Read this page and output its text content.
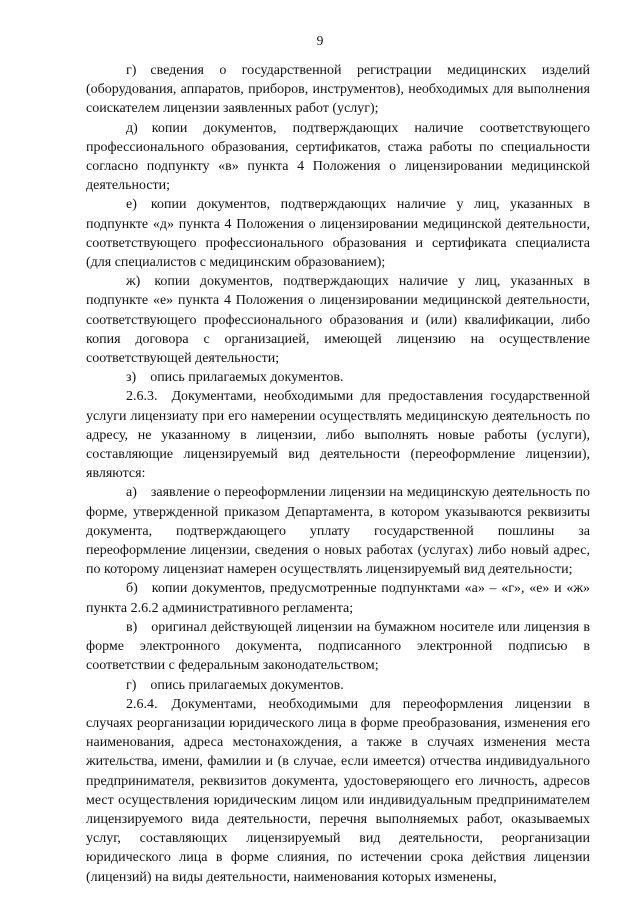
9

г) сведения о государственной регистрации медицинских изделий (оборудования, аппаратов, приборов, инструментов), необходимых для выполнения соискателем лицензии заявленных работ (услуг);

д) копии документов, подтверждающих наличие соответствующего профессионального образования, сертификатов, стажа работы по специальности согласно подпункту «в» пункта 4 Положения о лицензировании медицинской деятельности;

е) копии документов, подтверждающих наличие у лиц, указанных в подпункте «д» пункта 4 Положения о лицензировании медицинской деятельности, соответствующего профессионального образования и сертификата специалиста (для специалистов с медицинским образованием);

ж) копии документов, подтверждающих наличие у лиц, указанных в подпункте «е» пункта 4 Положения о лицензировании медицинской деятельности, соответствующего профессионального образования и (или) квалификации, либо копия договора с организацией, имеющей лицензию на осуществление соответствующей деятельности;

з) опись прилагаемых документов.

2.6.3. Документами, необходимыми для предоставления государственной услуги лицензиату при его намерении осуществлять медицинскую деятельность по адресу, не указанному в лицензии, либо выполнять новые работы (услуги), составляющие лицензируемый вид деятельности (переоформление лицензии), являются:

а) заявление о переоформлении лицензии на медицинскую деятельность по форме, утвержденной приказом Департамента, в котором указываются реквизиты документа, подтверждающего уплату государственной пошлины за переоформление лицензии, сведения о новых работах (услугах) либо новый адрес, по которому лицензиат намерен осуществлять лицензируемый вид деятельности;

б) копии документов, предусмотренные подпунктами «а» – «г», «е» и «ж» пункта 2.6.2 административного регламента;

в) оригинал действующей лицензии на бумажном носителе или лицензия в форме электронного документа, подписанного электронной подписью в соответствии с федеральным законодательством;

г) опись прилагаемых документов.

2.6.4. Документами, необходимыми для переоформления лицензии в случаях реорганизации юридического лица в форме преобразования, изменения его наименования, адреса местонахождения, а также в случаях изменения места жительства, имени, фамилии и (в случае, если имеется) отчества индивидуального предпринимателя, реквизитов документа, удостоверяющего его личность, адресов мест осуществления юридическим лицом или индивидуальным предпринимателем лицензируемого вида деятельности, перечня выполняемых работ, оказываемых услуг, составляющих лицензируемый вид деятельности, реорганизации юридического лица в форме слияния, по истечении срока действия лицензии (лицензий) на виды деятельности, наименования которых изменены,
